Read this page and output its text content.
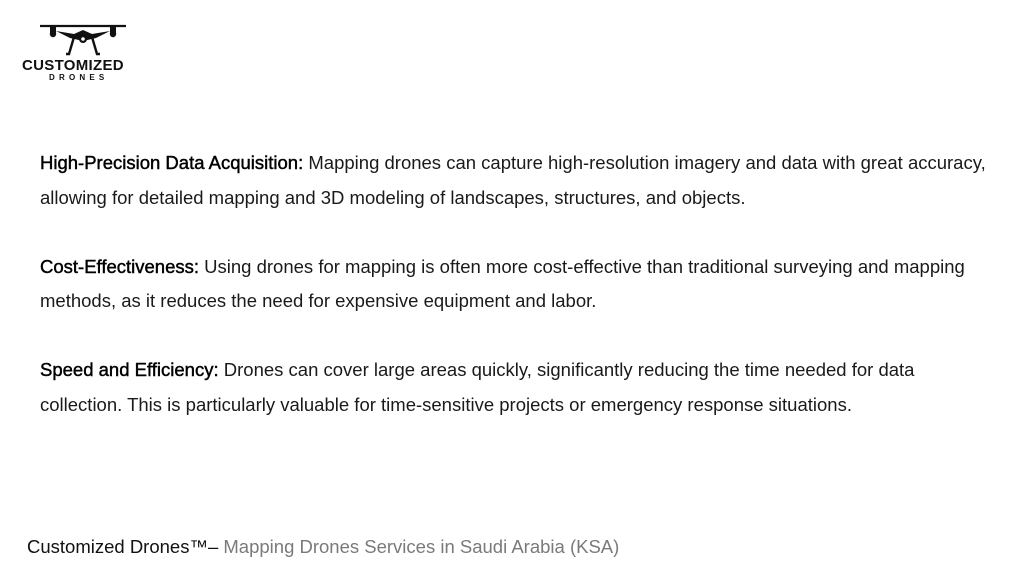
CUSTOMIZED
DRONES

High-Precision Data Acquisition: Mapping drones can capture high-resolution imagery and data with great accuracy, allowing for detailed mapping and 3D modeling of landscapes, structures, and objects.

Cost-Effectiveness: Using drones for mapping is often more cost-effective than traditional surveying and mapping methods, as it reduces the need for expensive equipment and labor.

Speed and Efficiency: Drones can cover large areas quickly, significantly reducing the time needed for data collection. This is particularly valuable for time-sensitive projects or emergency response situations.

Customized Drones™– Mapping Drones Services in Saudi Arabia (KSA)
